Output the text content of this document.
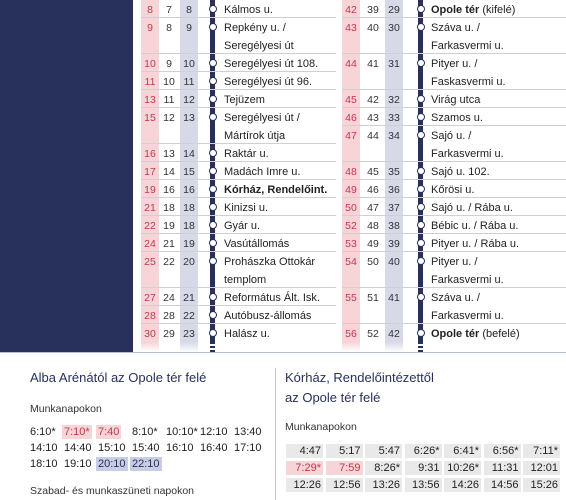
8	7	8	Kálmos u.
9	8	9	Repkény u. /
Seregélyesi út
10 9	10	Seregélyesi út 108.
11 10 11	Seregélyesi út 96.
13 11 12	Tejüzem
15 12 13	Seregélyesi út /
Mártírok útja
16 13 14	Raktár u.
17 14 15	Madách Imre u.
19 16 16	Kórház, Rendelőint.
21 18 18	Kinizsi u.
22 19 18	Gyár u.
24 21 19	Vasútállomás
25 22 20	Prohászka Ottokár
templom
27 24 21	Református Ált. Isk.
28 28 22	Autóbusz-állomás
30 29 23	Halász u.
42 39 29	Opole tér (kifelé)
43 40 30	Száva u. /
Farkasvermi u.
44 41 31	Pityer u. /
Faskasvermi u.
45 42 32	Virág utca
46 43 33	Szamos u.
47 44 34	Sajó u. /
Farkasvermi u.
48 45 35	Sajó u. 102.
49 46 36	Kőrösi u.
50 47 37	Sajó u. / Rába u.
52 48 38	Bébic u. / Rába u.
53 49 39	Pityer u. / Rába u.
54 50 40	Pityer u. /
Farkasvermi u.
55 51 41	Száva u. /
Farkasvermi u.
56 52 42	Opole tér (befelé)
Alba Arénától az Opole tér felé
Munkanapokon
6:10* 7:10* 7:40 8:10* 10:10* 12:10 13:40
14:10 14:40 15:10 15:40 16:10 16:40 17:10
18:10 19:10 20:10 22:10
Szabad- és munkaszüneti napokon
Kórház, Rendelőintézettől
az Opole tér felé
Munkanapokon
4:47	5:17	5:47	6:26*	6:41*	6:56*	7:11*
7:29*	7:59	8:26*	9:31 10:26*	11:31	12:01
12:26	12:56	13:26	13:56	14:26	14:56	15:26
